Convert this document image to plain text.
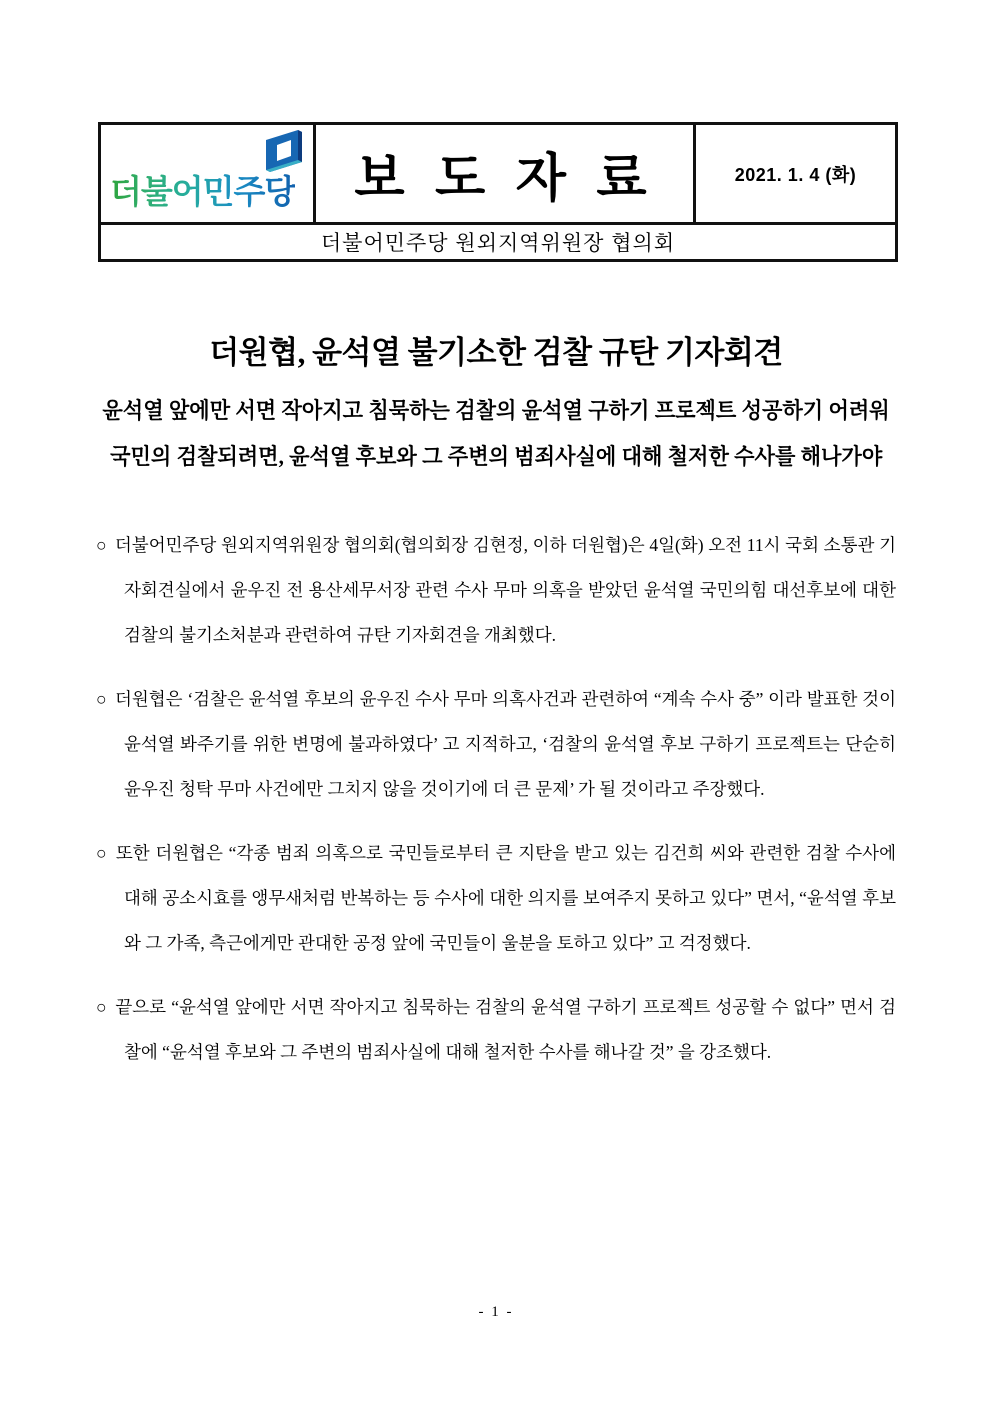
더불어민주당 보 도 자 료	2021. 1. 4 (화)
더불어민주당 원외지역위원장 협의회
더원협, 윤석열 불기소한 검찰 규탄 기자회견
윤석열 앞에만 서면 작아지고 침묵하는 검찰의 윤석열 구하기 프로젝트 성공하기 어려워
국민의 검찰되려면, 윤석열 후보와 그 주변의 범죄사실에 대해 철저한 수사를 해나가야

○ 더불어민주당 원외지역위원장 협의회(협의회장 김현정, 이하 더원협)은 4일(화) 오전 11시 국회 소통관 기자회견실에서 윤우진 전 용산세무서장 관련 수사 무마 의혹을 받았던 윤석열 국민의힘 대선후보에 대한 검찰의 불기소처분과 관련하여 규탄 기자회견을 개최했다.

○ 더원협은 ‘검찰은 윤석열 후보의 윤우진 수사 무마 의혹사건과 관련하여 “계속 수사 중” 이라 발표한 것이 윤석열 봐주기를 위한 변명에 불과하였다’ 고 지적하고, ‘검찰의 윤석열 후보 구하기 프로젝트는 단순히 윤우진 청탁 무마 사건에만 그치지 않을 것이기에 더 큰 문제’ 가 될 것이라고 주장했다.

○ 또한 더원협은 “각종 범죄 의혹으로 국민들로부터 큰 지탄을 받고 있는 김건희 씨와 관련한 검찰 수사에 대해 공소시효를 앵무새처럼 반복하는 등 수사에 대한 의지를 보여주지 못하고 있다” 면서, “윤석열 후보와 그 가족, 측근에게만 관대한 공정 앞에 국민들이 울분을 토하고 있다” 고 걱정했다.

○ 끝으로 “윤석열 앞에만 서면 작아지고 침묵하는 검찰의 윤석열 구하기 프로젝트 성공할 수 없다” 면서 검찰에 “윤석열 후보와 그 주변의 범죄사실에 대해 철저한 수사를 해나갈 것” 을 강조했다.

- 1 -
